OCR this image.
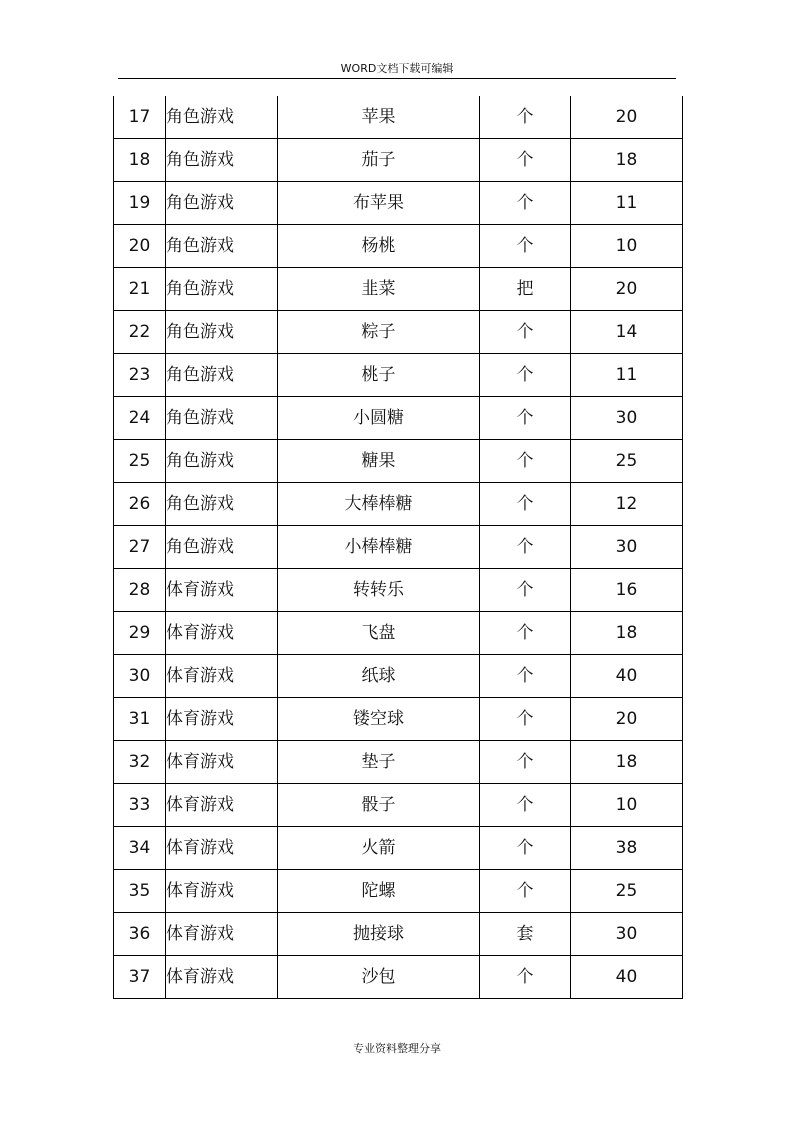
WORD文档下载可编辑
17	角色游戏	苹果	个	20
18	角色游戏	茄子	个	18
19	角色游戏	布苹果	个	11
20	角色游戏	杨桃	个	10
21	角色游戏	韭菜	把	20
22	角色游戏	粽子	个	14
23	角色游戏	桃子	个	11
24	角色游戏	小圆糖	个	30
25	角色游戏	糖果	个	25
26	角色游戏	大棒棒糖	个	12
27	角色游戏	小棒棒糖	个	30
28	体育游戏	转转乐	个	16
29	体育游戏	飞盘	个	18
30	体育游戏	纸球	个	40
31	体育游戏	镂空球	个	20
32	体育游戏	垫子	个	18
33	体育游戏	骰子	个	10
34	体育游戏	火箭	个	38
35	体育游戏	陀螺	个	25
36	体育游戏	抛接球	套	30
37	体育游戏	沙包	个	40
专业资料整理分享
